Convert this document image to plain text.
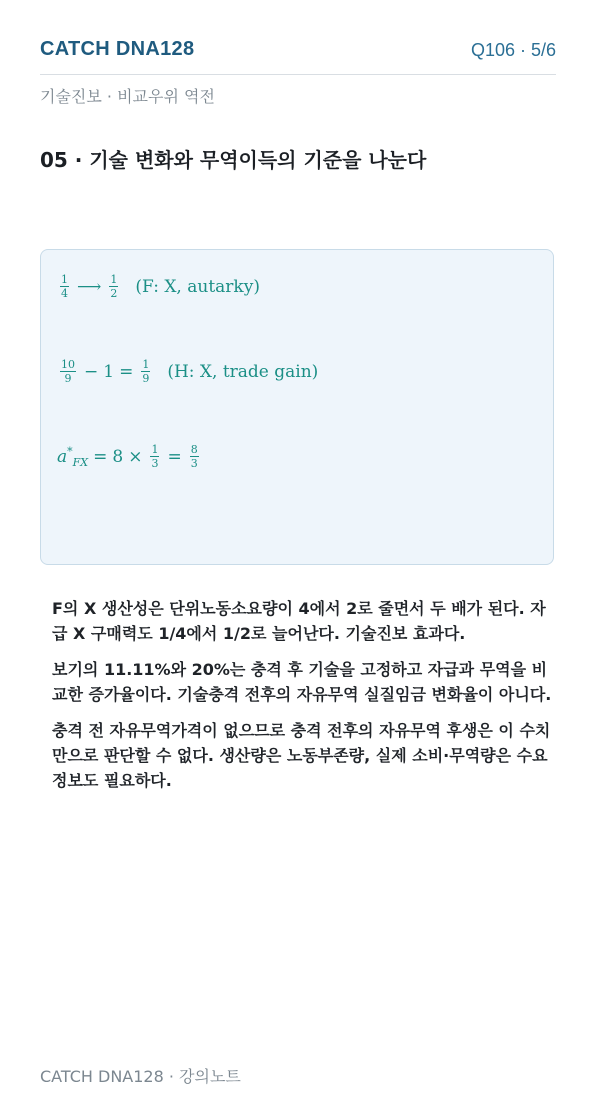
CATCH DNA128	Q106 · 5/6
기술진보 · 비교우위 역전
05 · 기술 변화와 무역이득의 기준을 나눈다
$\frac{1}{4}$ ⟶ $\frac{1}{2} (F$: X, autarky)
$\frac{10}{9} - 1 = \frac{1}{9} (H$: X, trade gain)
$a^*_{FX} = 8 \times \frac{1}{3} = \frac{8}{3}$

F의 X 생산성은 단위노동소요량이 4에서 2로 줄면서 두 배가 된다. 자급 X 구매력도 1/4에서 1/2로 늘어난다. 기술진보 효과다.

보기의 11.11%와 20%는 충격 후 기술을 고정하고 자급과 무역을 비교한 증가율이다. 기술충격 전후의 자유무역 실질임금 변화율이 아니다.

충격 전 자유무역가격이 없으므로 충격 전후의 자유무역 후생은 이 수치만으로 판단할 수 없다. 생산량은 노동부존량, 실제 소비·무역량은 수요 정보도 필요하다.

CATCH DNA128 · 강의노트
